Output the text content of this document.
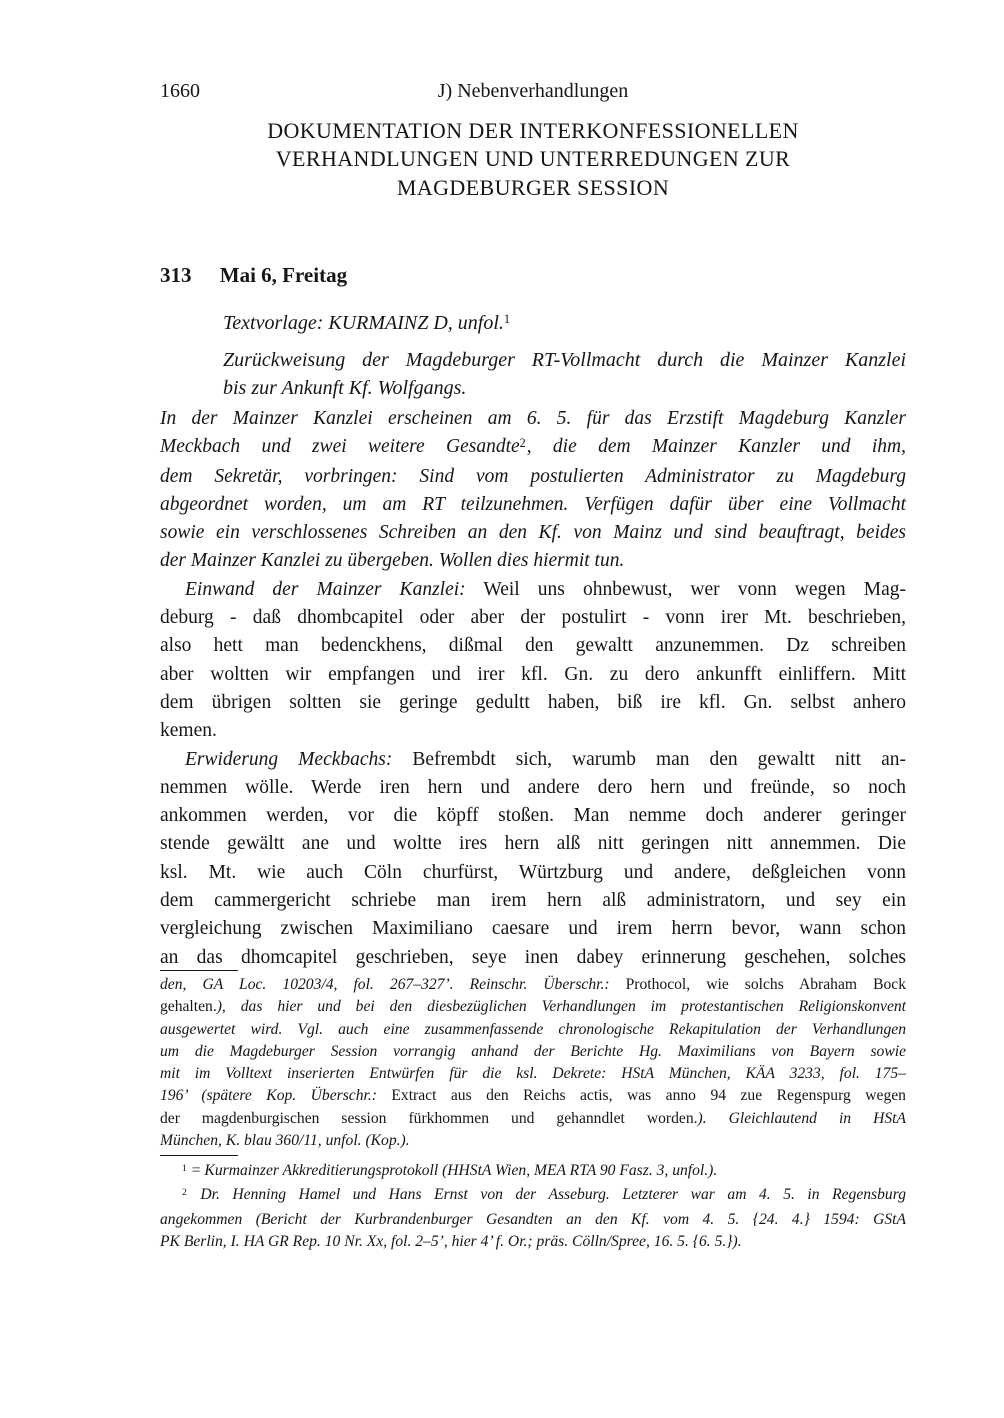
1660	J) Nebenverhandlungen
DOKUMENTATION DER INTERKONFESSIONELLEN
VERHANDLUNGEN UND UNTERREDUNGEN ZUR
MAGDEBURGER SESSION
313 Mai 6, Freitag
Textvorlage: KURMAINZ D, unfol.$^1$
Zurückweisung der Magdeburger RT-Vollmacht durch die Mainzer Kanzlei
bis zur Ankunft Kf. Wolfgangs.
In der Mainzer Kanzlei erscheinen am 6. 5. für das Erzstift Magdeburg Kanzler
Meckbach und zwei weitere Gesandte$^2$, die dem Mainzer Kanzler und ihm,
dem Sekretär, vorbringen: Sind vom postulierten Administrator zu Magdeburg
abgeordnet worden, um am RT teilzunehmen. Verfügen dafür über eine Vollmacht
sowie ein verschlossenes Schreiben an den Kf. von Mainz und sind beauftragt, beides
der Mainzer Kanzlei zu übergeben. Wollen dies hiermit tun.
Einwand der Mainzer Kanzlei: Weil uns ohnbewust, wer vonn wegen Mag-
deburg - daß dhombcapitel oder aber der postulirt - vonn irer Mt. beschrieben,
also hett man bedenckhens, dißmal den gewaltt anzunemmen. Dz schreiben
aber woltten wir empfangen und irer kfl. Gn. zu dero ankunfft einliffern. Mitt
dem übrigen soltten sie geringe gedultt haben, biß ire kfl. Gn. selbst anhero
kemen.
Erwiderung Meckbachs: Befrembdt sich, warumb man den gewaltt nitt an-
nemmen wölle. Werde iren hern und andere dero hern und freünde, so noch
ankommen werden, vor die köpff stoßen. Man nemme doch anderer geringer
stende gewältt ane und woltte ires hern alß nitt geringen nitt annemmen. Die
ksl. Mt. wie auch Cöln churfürst, Würtzburg und andere, deßgleichen vonn
dem cammergericht schriebe man irem hern alß administratorn, und sey ein
vergleichung zwischen Maximiliano caesare und irem herrn bevor, wann schon
an das dhomcapitel geschrieben, seye inen dabey erinnerung geschehen, solches
den, GA Loc. 10203/4, fol. 267–327’. Reinschr. Überschr.: Prothocol, wie solchs Abraham Bock
gehalten.), das hier und bei den diesbezüglichen Verhandlungen im protestantischen Religionskonvent
ausgewertet wird. Vgl. auch eine zusammenfassende chronologische Rekapitulation der Verhandlungen
um die Magdeburger Session vorrangig anhand der Berichte Hg. Maximilians von Bayern sowie
mit im Volltext inserierten Entwürfen für die ksl. Dekrete: HStA München, KÄA 3233, fol. 175–
196’ (spätere Kop. Überschr.: Extract aus den Reichs actis, was anno 94 zue Regenspurg wegen
der magdenburgischen session fürkhommen und gehanndlet worden.). Gleichlautend in HStA
München, K. blau 360/11, unfol. (Kop.).
$^1$ = Kurmainzer Akkreditierungsprotokoll (HHStA Wien, MEA RTA 90 Fasz. 3, unfol.).
$^2$ Dr. Henning Hamel und Hans Ernst von der Asseburg. Letzterer war am 4. 5. in Regensburg
angekommen (Bericht der Kurbrandenburger Gesandten an den Kf. vom 4. 5. {24. 4.} 1594: GStA
PK Berlin, I. HA GR Rep. 10 Nr. Xx, fol. 2–5’, hier 4’ f. Or.; präs. Cölln/Spree, 16. 5. {6. 5.}).
